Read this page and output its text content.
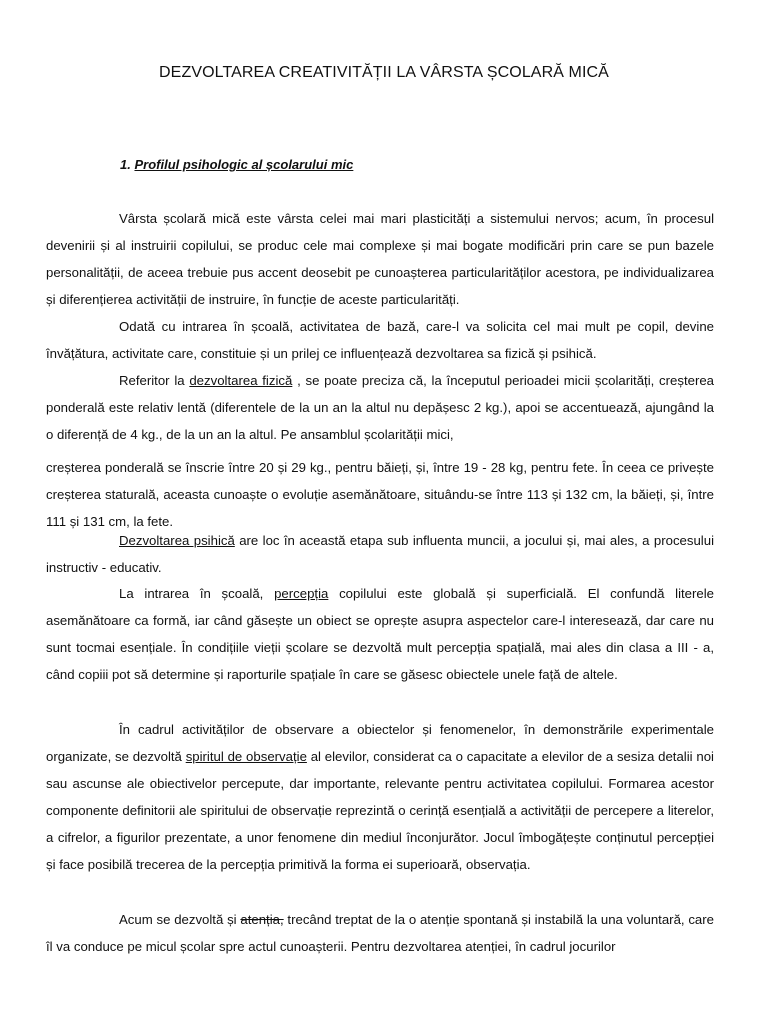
DEZVOLTAREA CREATIVITĂȚII LA VÂRSTA ȘCOLARĂ MICĂ
1. Profilul psihologic al școlarului mic

Vârsta școlară mică este vârsta celei mai mari plasticități a sistemului nervos; acum, în procesul devenirii și al instruirii copilului, se produc cele mai complexe și mai bogate modificări prin care se pun bazele personalității, de aceea trebuie pus accent deosebit pe cunoașterea particularităților acestora, pe individualizarea și diferențierea activității de instruire, în funcție de aceste particularități.

Odată cu intrarea în școală, activitatea de bază, care-l va solicita cel mai mult pe copil, devine învățătura, activitate care, constituie și un prilej ce influențează dezvoltarea sa fizică și psihică.

Referitor la dezvoltarea fizică , se poate preciza că, la începutul perioadei micii școlarități, creșterea ponderală este relativ lentă (diferentele de la un an la altul nu depășesc 2 kg.), apoi se accentuează, ajungând la o diferență de 4 kg., de la un an la altul. Pe ansamblul școlarității mici,

creșterea ponderală se înscrie între 20 și 29 kg., pentru băieți, și, între 19 - 28 kg, pentru fete. În ceea ce privește creșterea staturală, aceasta cunoaște o evoluție asemănătoare, situându-se între 113 și 132 cm, la băieți, și, între 111 și 131 cm, la fete.

Dezvoltarea psihică are loc în această etapa sub influenta muncii, a jocului și, mai ales, a procesului instructiv - educativ.

La intrarea în școală, percepția copilului este globală și superficială. El confundă literele asemănătoare ca formă, iar când găsește un obiect se oprește asupra aspectelor care-l interesează, dar care nu sunt tocmai esențiale. În condițiile vieții școlare se dezvoltă mult percepția spațială, mai ales din clasa a III - a, când copiii pot să determine și raporturile spațiale în care se găsesc obiectele unele față de altele.

În cadrul activităților de observare a obiectelor și fenomenelor, în demonstrările experimentale organizate, se dezvoltă spiritul de observație al elevilor, considerat ca o capacitate a elevilor de a sesiza detalii noi sau ascunse ale obiectivelor percepute, dar importante, relevante pentru activitatea copilului. Formarea acestor componente definitorii ale spiritului de observație reprezintă o cerință esențială a activității de percepere a literelor, a cifrelor, a figurilor prezentate, a unor fenomene din mediul înconjurător. Jocul îmbogățește conținutul percepției și face posibilă trecerea de la percepția primitivă la forma ei superioară, observația.

Acum se dezvoltă și atenția, trecând treptat de la o atenție spontană și instabilă la una voluntară, care îl va conduce pe micul școlar spre actul cunoașterii. Pentru dezvoltarea atenției, în cadrul jocurilor
